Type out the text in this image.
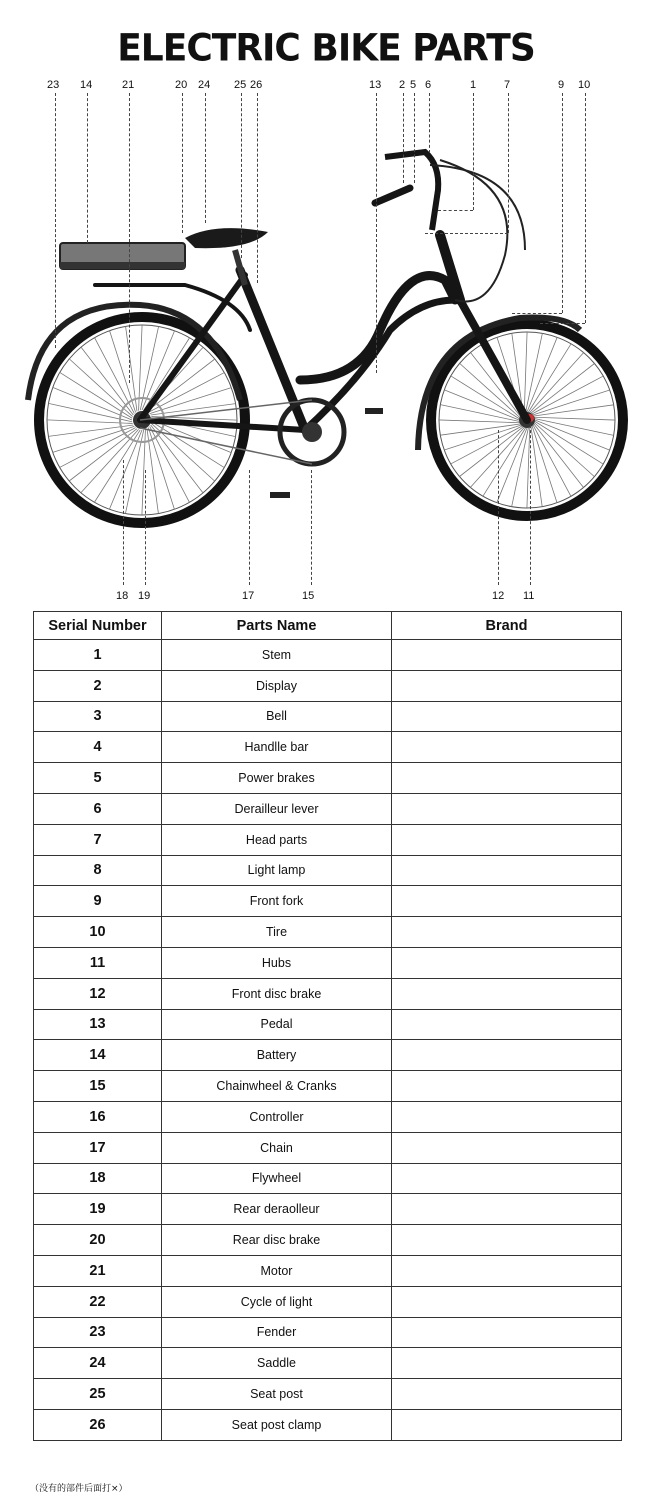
ELECTRIC BIKE PARTS
23 14	21	20 24 25 26	13 2 5 6	1	7	9 10
18 19	17	15	12 11
Serial Number	Parts Name	Brand
1	Stem	
2	Display	
3	Bell	
4	Handlle bar	
5	Power brakes	
6	Derailleur lever	
7	Head parts	
8	Light lamp	
9	Front fork	
10	Tire	
11	Hubs	
12	Front disc brake	
13	Pedal	
14	Battery	
15	Chainwheel & Cranks	
16	Controller	
17	Chain	
18	Flywheel	
19	Rear deraolleur	
20	Rear disc brake	
21	Motor	
22	Cycle of light	
23	Fender	
24	Saddle	
25	Seat post	
26	Seat post clamp	
（没有的部件后面打×）
